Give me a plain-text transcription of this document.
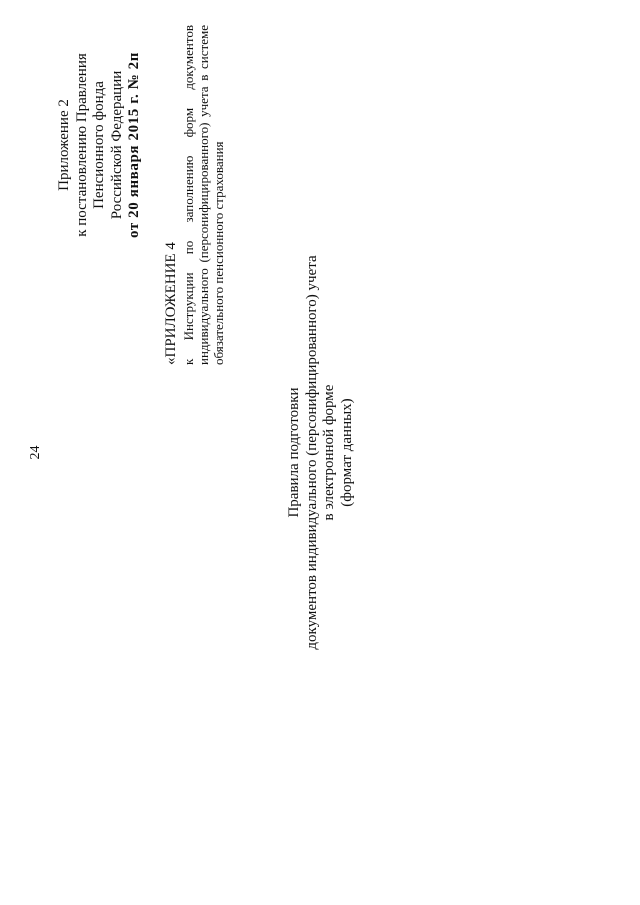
24
Приложение 2 к постановлению Правления Пенсионного фонда Российской Федерации от 20 января 2015 г. № 2п
«ПРИЛОЖЕНИЕ 4 к Инструкции по заполнению форм документов индивидуального (персонифицированного) учета в системе обязательного пенсионного страхования
Правила подготовки документов индивидуального (персонифицированного) учета в электронной форме (формат данных)
